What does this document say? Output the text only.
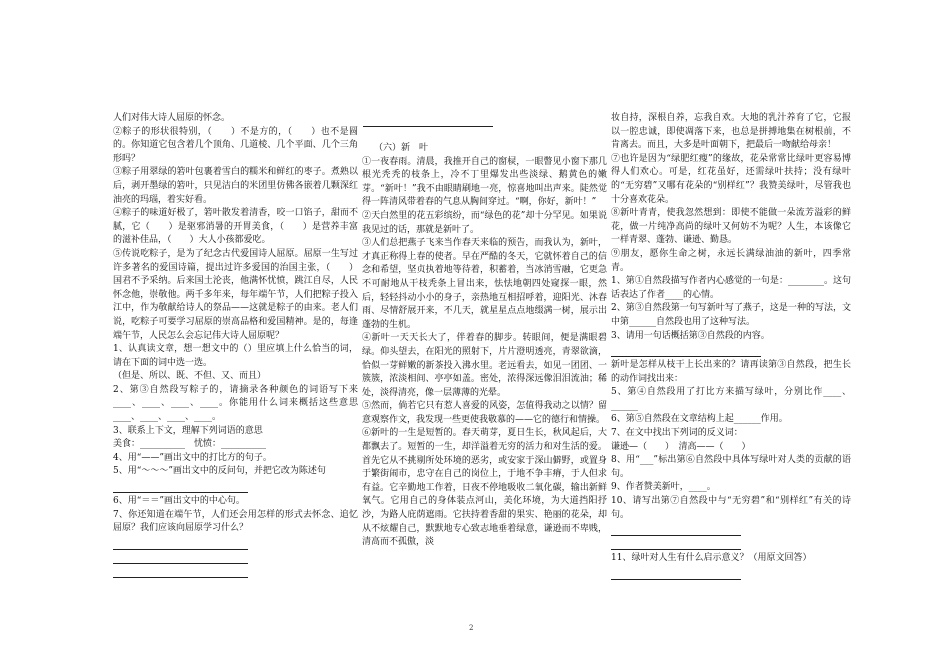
人们对伟大诗人屈原的怀念。

②粽子的形状很特别，（　　）不是方的，（　　）也不是圆的。你知道它包含着几个顶角、几道棱、几个平面、几个三角形吗？

③粽子用翠绿的箬叶包裹着雪白的糯米和鲜红的枣子。煮熟以后，剥开墨绿的箬叶，只见洁白的米团里仿佛各嵌着几颗深红油亮的玛瑙，着实好看。

④粽子的味道好极了，箬叶散发着清香，咬一口馅子，甜而不腻，它（　　）是驱邪消暑的开胃美食，（　　）是营养丰富的滋补佳品，（　　）大人小孩都爱吃。

⑤传说吃粽子，是为了纪念古代爱国诗人屈原。屈原一生写过许多著名的爱国诗篇，提出过许多爱国的治国主张，（　　）国君不予采纳。后来国土沦丧，他满怀忧愤，跳江自尽，人民怀念他，崇敬他。两千多年来，每年端午节，人们把粽子投入江中，作为敬献给诗人的祭品——这就是粽子的由来。老人们说，吃粽子可要学习屈原的崇高品格和爱国精神。是的，每逢端午节，人民怎么会忘记伟大诗人屈原呢？

1、认真读文章，想一想文中的（）里应填上什么恰当的词，请在下面的词中选一选。

（但是、所以、既、不但、又、而且）

2、第③自然段写粽子的，请摘录各种颜色的词语写下来____、____、____、____。你能用什么词来概括这些意思 ____、____、____、____。

3、联系上下文，理解下列词语的意思

美食：__________　忧愤：__________

4、用“——”画出文中的打比方的句子。

5、用“～～～”画出文中的反问句，并把它改为陈述句

6、用“＝＝”画出文中的中心句。

7、你还知道在端午节，人们还会用怎样的形式去怀念、追忆屈原？我们应该向屈原学习什么？

（六）新　叶

①一夜春雨。清晨，我推开自己的窗棂，一眼瞥见小窗下那几根光秃秃的枝条上，冷不丁里爆发出些淡绿、鹅黄色的嫩芽。“新叶！”我不由眼睛刷地一亮，惊喜地叫出声来。陡然觉得一阵清风带着春的气息从胸间穿过。“啊，你好，新叶！”

②天白然里的花五彩缤纷，而“绿色的花”却十分罕见。如果说我见过的话，那就是新叶了。

③人们总把燕子飞来当作春天来临的预告，而我认为，新叶，才真正称得上春的使者。早在严酷的冬天，它就怀着自己的信念和希望，坚贞执着地等待着，积蓄着，当冰消雪融，它更急不可耐地从干枝秃条上冒出来，怯怯地朝四处窥探一眼，然后，轻轻抖动小小的身子，亲热地互相招呼着，迎阳光、沐春雨、尽情舒展开来，不几天，就星星点点地缀满一树，展示出蓬勃的生机。

④新叶一天天长大了，伴着春的脚步。转眼间，便是满眼碧绿。仰头望去，在阳光的照射下，片片澄明透亮，青翠欲滴，恰似一芽鲜嫩的新茶投入沸水里。老远看去，如见一团团、一簇簇，浓淡相间、亭亭如盖。密处，浓得深远像泪泪流油；稀处，淡得清亮，像一层薄薄的光晕。

⑤然而，倘若它只有惹人喜爱的风姿，怎值得我动之以情？留意观察作文，我发现一些更使我敬慕的——它的德行和情操。

⑥新叶的一生是短暂的。春天萌芽，夏日生长，秋风起后，大都飘去了。短暂的一生，却洋溢着无穷的活力和对生活的爱。首先它从不挑剔所处环境的恶劣，或安家于深山僻野，或置身于繁街闹市，忠守在自己的岗位上，于地不争丰瘠，于人但求有益。它辛勤地工作着，日夜不停地吸收二氧化碳，输出新鲜氧气。它用自己的身体装点河山，美化环境，为大道挡阳抒沙，为路人庇荫遮雨。它扶持着香甜的果实、艳丽的花朵，却从不炫耀自己，默默地专心致志地垂着绿意，谦逊而不卑贱，清高而不孤傲，淡

妆自持，深根自养，忘我自欢。大地的乳汁养育了它，它报以一腔忠诚，即使凋落下来，也总是拼搏地集在树根前，不肯离去。而且，大多是叶面朝下，把最后一吻献给母亲！

⑦也许是因为“绿肥红瘦”的缘故，花朵常常比绿叶更容易博得人们欢心。可是，红花虽好，还需绿叶扶持；没有绿叶的“无穷碧”又哪有花朵的“别样红”？我赞美绿叶，尽管我也十分喜欢花朵。

⑧新叶青青，使我忽然想到：即使不能做一朵流芳溢彩的鲜花，做一片纯净高尚的绿叶又何妨不为呢？人生，本该像它一样青翠、蓬勃、谦逊、勤恳。

⑨朋友，愿你生命之树，永远长满绿油油的新叶，四季常青。

1、第①自然段描写作者内心感觉的一句是：________。这句话表达了作者____的心情。

2、第③自然段第一句写新叶写了燕子，这是一种的写法，文中第______自然段也用了这种写法。

3、请用一句话概括第③自然段的内容。

新叶是怎样从枝干上长出来的？请再读第③自然段，把生长的动作词找出来：

5、第④自然段用了打比方来描写绿叶，分别比作____、______

6、第⑤自然段在文章结构上起______作用。

7、在文中找出下列词的反义词：

谦逊—（　　）　清高——（　　）

8、用“___”标出第⑥自然段中具体写绿叶对人类的贡献的语句。

9、作者赞美新叶，____。

10、请写出第⑦自然段中与“无穷碧”和“别样红”有关的诗句。

11、绿叶对人生有什么启示意义？（用原文回答）

2
